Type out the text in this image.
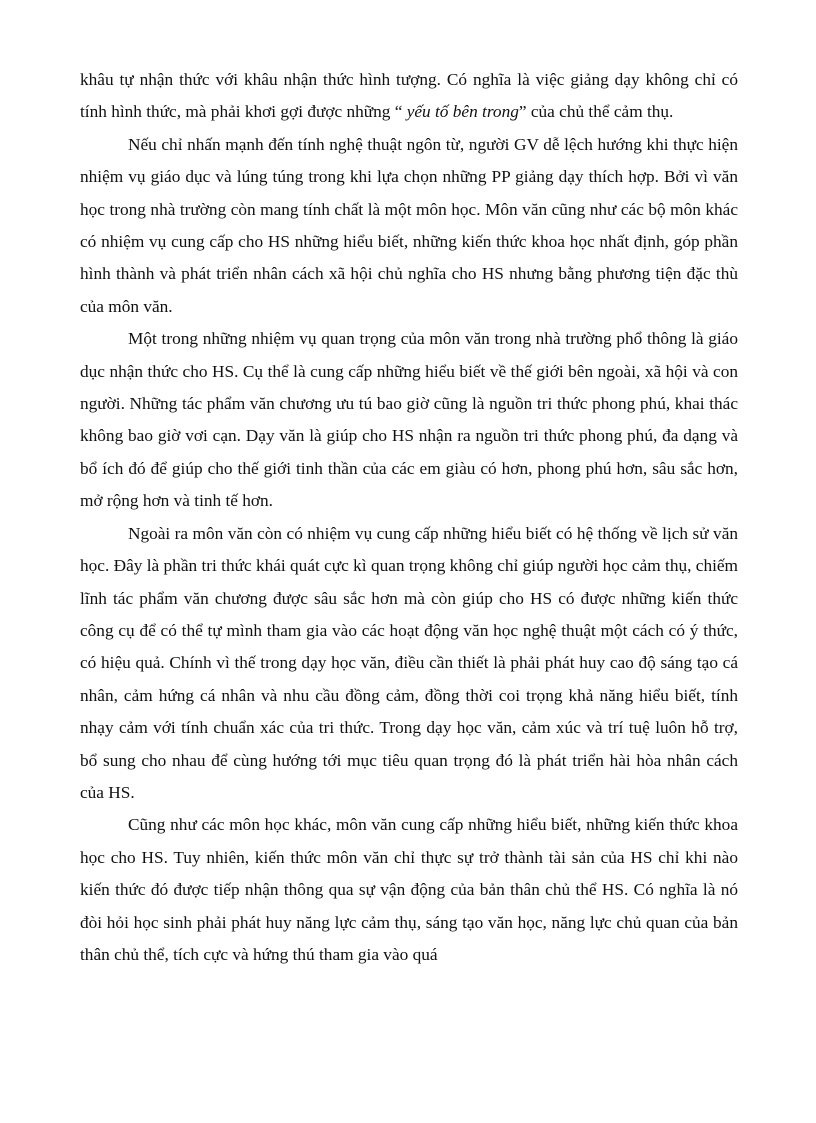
khâu tự nhận thức với khâu nhận thức hình tượng. Có nghĩa là việc giảng dạy không chỉ có tính hình thức, mà phải khơi gợi được những “ yếu tố bên trong” của chủ thể cảm thụ.

Nếu chỉ nhấn mạnh đến tính nghệ thuật ngôn từ, người GV dễ lệch hướng khi thực hiện nhiệm vụ giáo dục và lúng túng trong khi lựa chọn những PP giảng dạy thích hợp. Bởi vì văn học trong nhà trường còn mang tính chất là một môn học. Môn văn cũng như các bộ môn khác có nhiệm vụ cung cấp cho HS những hiểu biết, những kiến thức khoa học nhất định, góp phần hình thành và phát triển nhân cách xã hội chủ nghĩa cho HS nhưng bằng phương tiện đặc thù của môn văn.

Một trong những nhiệm vụ quan trọng của môn văn trong nhà trường phổ thông là giáo dục nhận thức cho HS. Cụ thể là cung cấp những hiểu biết về thế giới bên ngoài, xã hội và con người. Những tác phẩm văn chương ưu tú bao giờ cũng là nguồn tri thức phong phú, khai thác không bao giờ vơi cạn. Dạy văn là giúp cho HS nhận ra nguồn tri thức phong phú, đa dạng và bổ ích đó để giúp cho thế giới tinh thần của các em giàu có hơn, phong phú hơn, sâu sắc hơn, mở rộng hơn và tinh tế hơn.

Ngoài ra môn văn còn có nhiệm vụ cung cấp những hiểu biết có hệ thống về lịch sử văn học. Đây là phần tri thức khái quát cực kì quan trọng không chỉ giúp người học cảm thụ, chiếm lĩnh tác phẩm văn chương được sâu sắc hơn mà còn giúp cho HS có được những kiến thức công cụ để có thể tự mình tham gia vào các hoạt động văn học nghệ thuật một cách có ý thức, có hiệu quả. Chính vì thế trong dạy học văn, điều cần thiết là phải phát huy cao độ sáng tạo cá nhân, cảm hứng cá nhân và nhu cầu đồng cảm, đồng thời coi trọng khả năng hiểu biết, tính nhạy cảm với tính chuẩn xác của tri thức. Trong dạy học văn, cảm xúc và trí tuệ luôn hỗ trợ, bổ sung cho nhau để cùng hướng tới mục tiêu quan trọng đó là phát triển hài hòa nhân cách của HS.

Cũng như các môn học khác, môn văn cung cấp những hiểu biết, những kiến thức khoa học cho HS. Tuy nhiên, kiến thức môn văn chỉ thực sự trở thành tài sản của HS chỉ khi nào kiến thức đó được tiếp nhận thông qua sự vận động của bản thân chủ thể HS. Có nghĩa là nó đòi hỏi học sinh phải phát huy năng lực cảm thụ, sáng tạo văn học, năng lực chủ quan của bản thân chủ thể, tích cực và hứng thú tham gia vào quá
